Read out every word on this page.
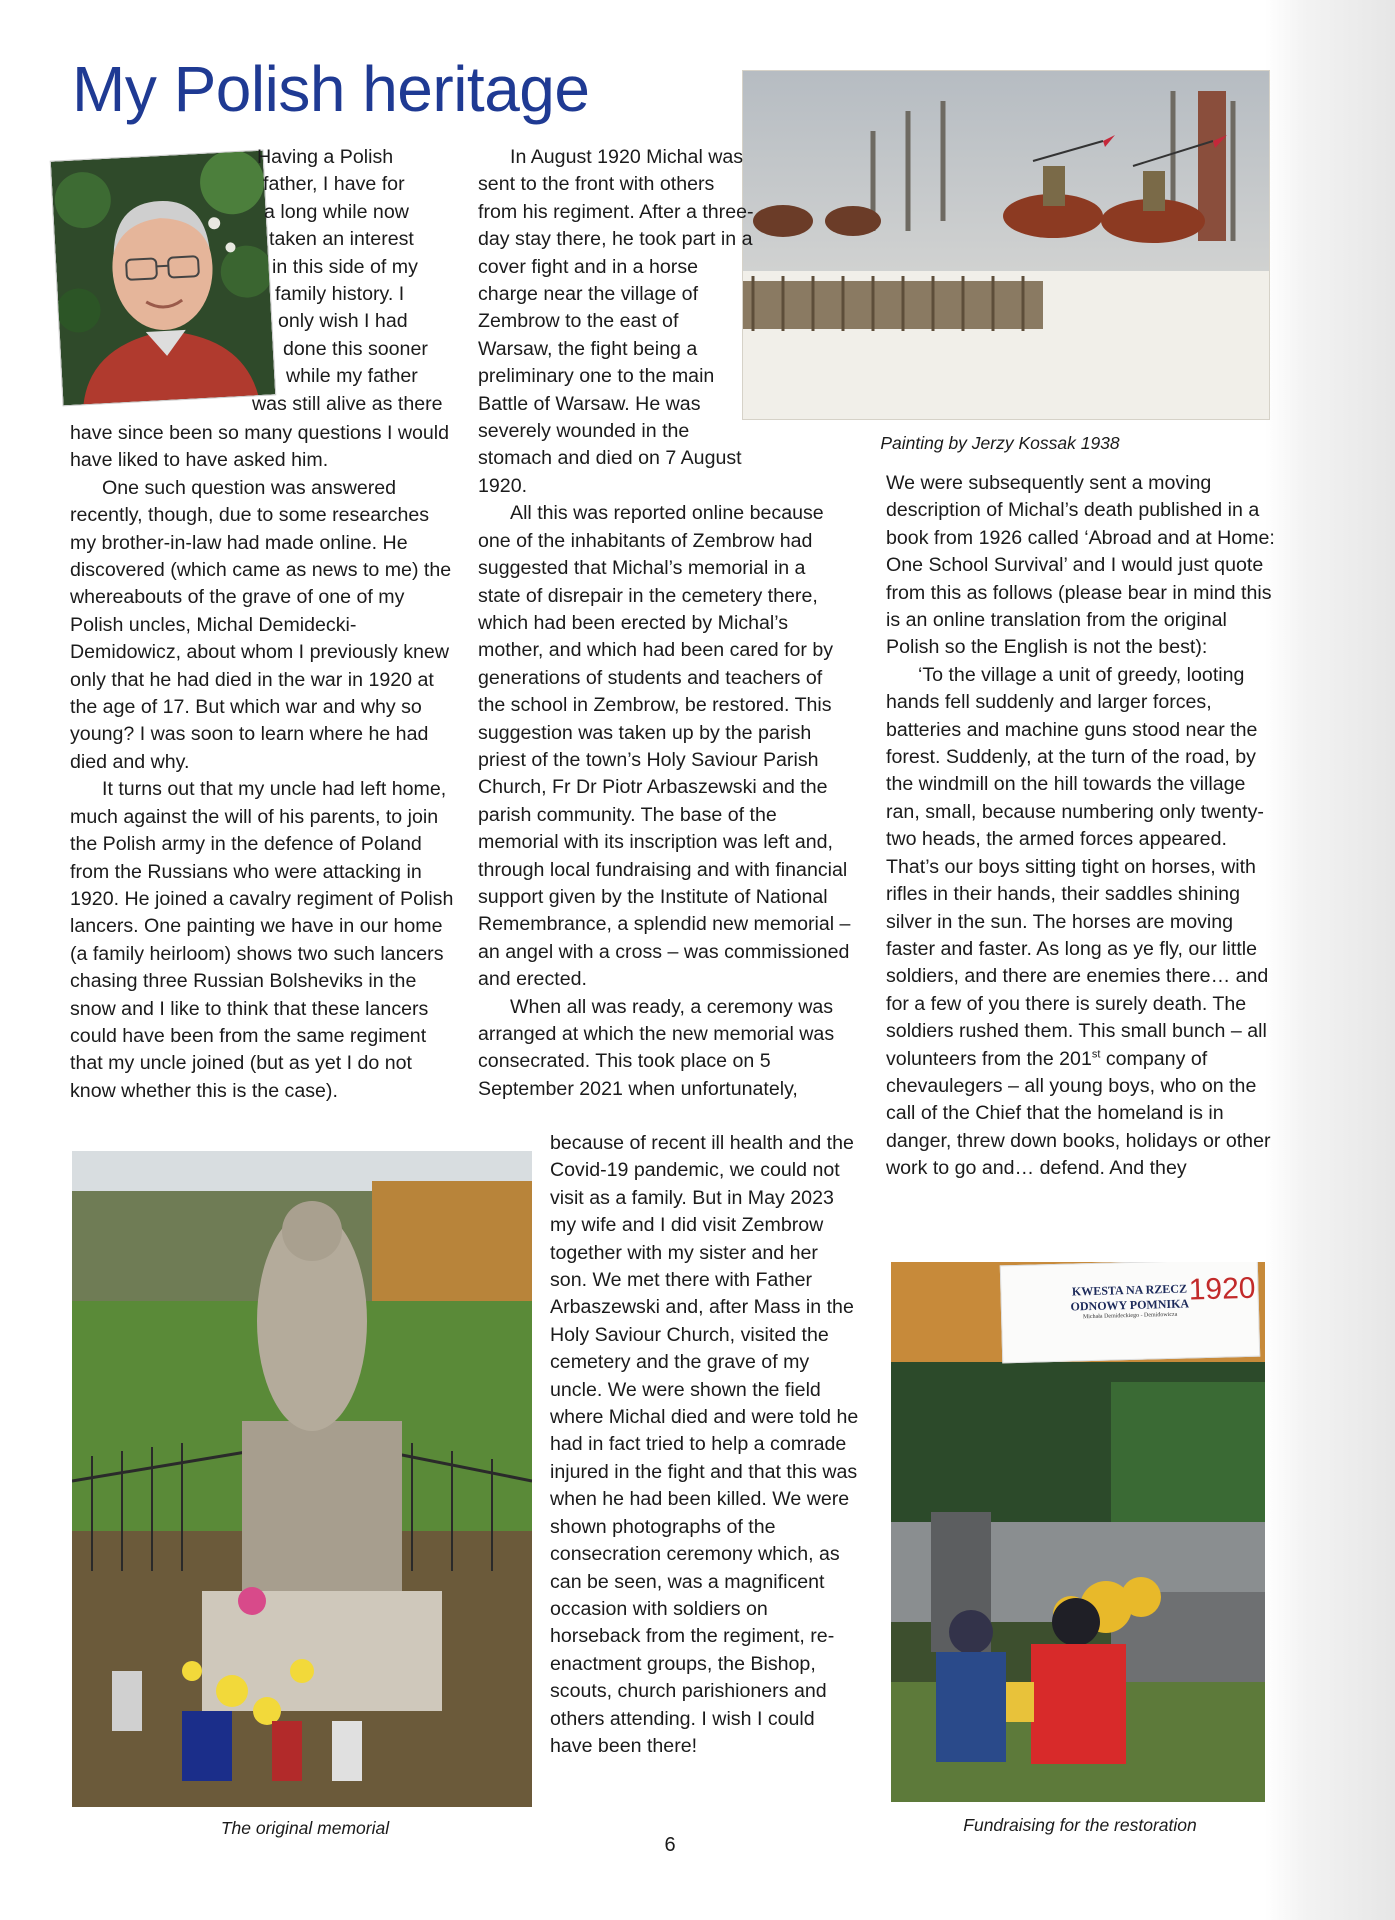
My Polish heritage
Having a Polish
father, I have for
a long while now
taken an interest
in this side of my
family history. I
only wish I had
done this sooner
while my father
was still alive as there

have since been so many questions I would have liked to have asked him.

One such question was answered recently, though, due to some researches my brother-in-law had made online. He discovered (which came as news to me) the whereabouts of the grave of one of my Polish uncles, Michal Demidecki-Demidowicz, about whom I previously knew only that he had died in the war in 1920 at the age of 17. But which war and why so young? I was soon to learn where he had died and why.

It turns out that my uncle had left home, much against the will of his parents, to join the Polish army in the defence of Poland from the Russians who were attacking in 1920. He joined a cavalry regiment of Polish lancers. One painting we have in our home (a family heirloom) shows two such lancers chasing three Russian Bolsheviks in the snow and I like to think that these lancers could have been from the same regiment that my uncle joined (but as yet I do not know whether this is the case).

Painting by Jerzy Kossak 1938

In August 1920 Michal was sent to the front with others from his regiment. After a three-day stay there, he took part in a cover fight and in a horse charge near the village of Zembrow to the east of Warsaw, the fight being a preliminary one to the main Battle of Warsaw. He was severely wounded in the stomach and died on 7 August 1920.

All this was reported online because one of the inhabitants of Zembrow had suggested that Michal’s memorial in a state of disrepair in the cemetery there, which had been erected by Michal’s mother, and which had been cared for by generations of students and teachers of the school in Zembrow, be restored. This suggestion was taken up by the parish priest of the town’s Holy Saviour Parish Church, Fr Dr Piotr Arbaszewski and the parish community. The base of the memorial with its inscription was left and, through local fundraising and with financial support given by the Institute of National Remembrance, a splendid new memorial – an angel with a cross – was commissioned and erected.

When all was ready, a ceremony was arranged at which the new memorial was consecrated. This took place on 5 September 2021 when unfortunately,

because of recent ill health and the Covid-19 pandemic, we could not visit as a family. But in May 2023 my wife and I did visit Zembrow together with my sister and her son. We met there with Father Arbaszewski and, after Mass in the Holy Saviour Church, visited the cemetery and the grave of my uncle. We were shown the field where Michal died and were told he had in fact tried to help a comrade injured in the fight and that this was when he had been killed. We were shown photographs of the consecration ceremony which, as can be seen, was a magnificent occasion with soldiers on horseback from the regiment, re-enactment groups, the Bishop, scouts, church parishioners and others attending. I wish I could have been there!

The original memorial

We were subsequently sent a moving description of Michal’s death published in a book from 1926 called ‘Abroad and at Home: One School Survival’ and I would just quote from this as follows (please bear in mind this is an online translation from the original Polish so the English is not the best):

‘To the village a unit of greedy, looting hands fell suddenly and larger forces, batteries and machine guns stood near the forest. Suddenly, at the turn of the road, by the windmill on the hill towards the village ran, small, because numbering only twenty-two heads, the armed forces appeared. That’s our boys sitting tight on horses, with rifles in their hands, their saddles shining silver in the sun. The horses are moving faster and faster. As long as ye fly, our little soldiers, and there are enemies there… and for a few of you there is surely death. The soldiers rushed them. This small bunch – all volunteers from the 201st company of chevaulegers – all young boys, who on the call of the Chief that the homeland is in danger, threw down books, holidays or other work to go and… defend. And they

KWESTA NA RZECZ
ODNOWY POMNIKA
Michała Demideckiego - Demidowicza
1920

Fundraising for the restoration

6
